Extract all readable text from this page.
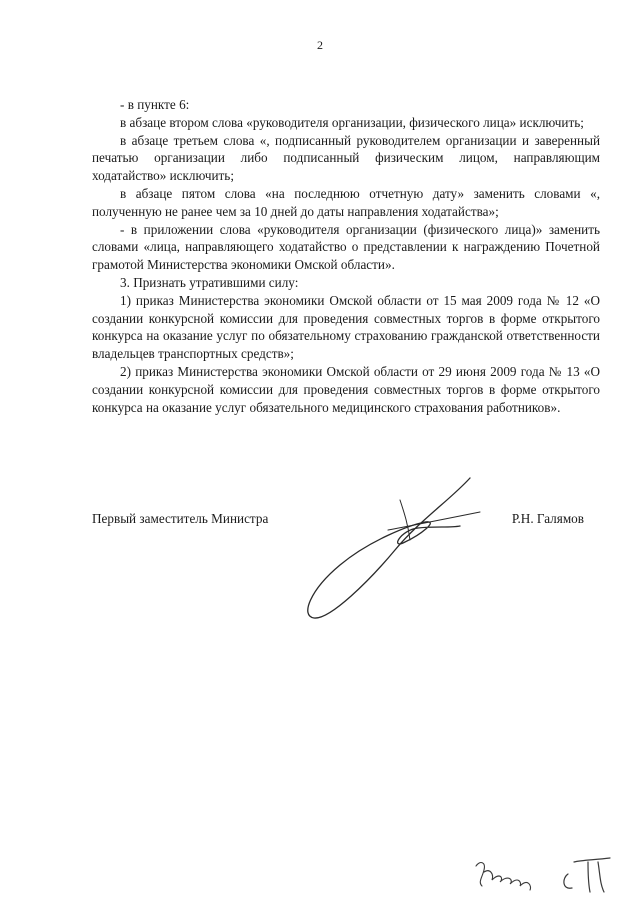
2

- в пункте 6:

в абзаце втором слова «руководителя организации, физического лица» исключить;

в абзаце третьем слова «, подписанный руководителем организации и заверенный печатью организации либо подписанный физическим лицом, направляющим ходатайство» исключить;

в абзаце пятом слова «на последнюю отчетную дату» заменить словами «, полученную не ранее чем за 10 дней до даты направления ходатайства»;

- в приложении слова «руководителя организации (физического лица)» заменить словами «лица, направляющего ходатайство о представлении к награждению Почетной грамотой Министерства экономики Омской области».

3. Признать утратившими силу:

1) приказ Министерства экономики Омской области от 15 мая 2009 года № 12 «О создании конкурсной комиссии для проведения совместных торгов в форме открытого конкурса на оказание услуг по обязательному страхованию гражданской ответственности владельцев транспортных средств»;

2) приказ Министерства экономики Омской области от 29 июня 2009 года № 13 «О создании конкурсной комиссии для проведения совместных торгов в форме открытого конкурса на оказание услуг обязательного медицинского страхования работников».

Первый заместитель Министра	Р.Н. Галямов
